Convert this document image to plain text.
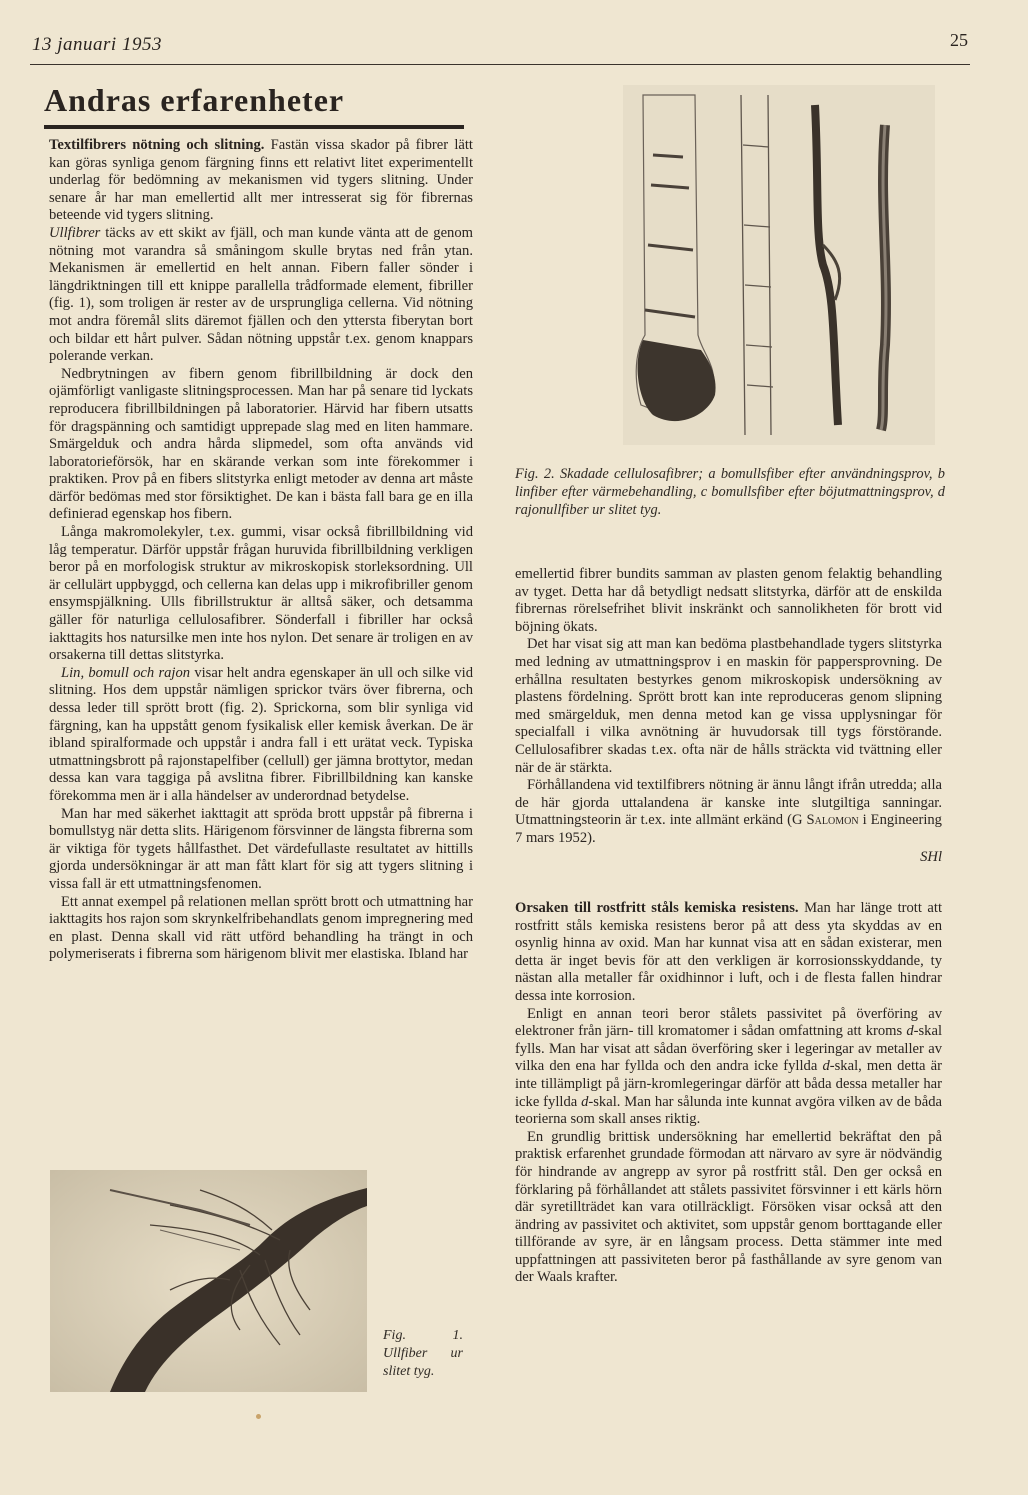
13 januari 1953	25
Andras erfarenheter

Textilfibrers nötning och slitning. Fastän vissa skador på fibrer lätt kan göras synliga genom färgning finns ett relativt litet experimentellt underlag för bedömning av mekanismen vid tygers slitning. Under senare år har man emellertid allt mer intresserat sig för fibrernas beteende vid tygers slitning.

Ullfibrer täcks av ett skikt av fjäll, och man kunde vänta att de genom nötning mot varandra så småningom skulle brytas ned från ytan. Mekanismen är emellertid en helt annan. Fibern faller sönder i längdriktningen till ett knippe parallella trådformade element, fibriller (fig. 1), som troligen är rester av de ursprungliga cellerna. Vid nötning mot andra föremål slits däremot fjällen och den yttersta fiberytan bort och bildar ett hårt pulver. Sådan nötning uppstår t.ex. genom knappars polerande verkan.

Nedbrytningen av fibern genom fibrillbildning är dock den ojämförligt vanligaste slitningsprocessen. Man har på senare tid lyckats reproducera fibrillbildningen på laboratorier. Härvid har fibern utsatts för dragspänning och samtidigt upprepade slag med en liten hammare. Smärgelduk och andra hårda slipmedel, som ofta används vid laboratorieförsök, har en skärande verkan som inte förekommer i praktiken. Prov på en fibers slitstyrka enligt metoder av denna art måste därför bedömas med stor försiktighet. De kan i bästa fall bara ge en illa definierad egenskap hos fibern.

Långa makromolekyler, t.ex. gummi, visar också fibrillbildning vid låg temperatur. Därför uppstår frågan huruvida fibrillbildning verkligen beror på en morfologisk struktur av mikroskopisk storleksordning. Ull är cellulärt uppbyggd, och cellerna kan delas upp i mikrofibriller genom ensymspjälkning. Ulls fibrillstruktur är alltså säker, och detsamma gäller för naturliga cellulosafibrer. Sönderfall i fibriller har också iakttagits hos natursilke men inte hos nylon. Det senare är troligen en av orsakerna till dettas slitstyrka.

Lin, bomull och rajon visar helt andra egenskaper än ull och silke vid slitning. Hos dem uppstår nämligen sprickor tvärs över fibrerna, och dessa leder till sprött brott (fig. 2). Sprickorna, som blir synliga vid färgning, kan ha uppstått genom fysikalisk eller kemisk åverkan. De är ibland spiralformade och uppstår i andra fall i ett urätat veck. Typiska utmattningsbrott på rajonstapelfiber (cellull) ger jämna brottytor, medan dessa kan vara taggiga på avslitna fibrer. Fibrillbildning kan kanske förekomma men är i alla händelser av underordnad betydelse.

Man har med säkerhet iakttagit att spröda brott uppstår på fibrerna i bomullstyg när detta slits. Härigenom försvinner de längsta fibrerna som är viktiga för tygets hållfasthet. Det värdefullaste resultatet av hittills gjorda undersökningar är att man fått klart för sig att tygers slitning i vissa fall är ett utmattningsfenomen.

Ett annat exempel på relationen mellan sprött brott och utmattning har iakttagits hos rajon som skrynkelfribehandlats genom impregnering med en plast. Denna skall vid rätt utförd behandling ha trängt in och polymeriserats i fibrerna som härigenom blivit mer elastiska. Ibland har

Fig. 1. Ullfiber ur slitet tyg.
Fig. 2. Skadade cellulosafibrer; a bomullsfiber efter användningsprov, b linfiber efter värmebehandling, c bomullsfiber efter böjutmattningsprov, d rajonullfiber ur slitet tyg.

emellertid fibrer bundits samman av plasten genom felaktig behandling av tyget. Detta har då betydligt nedsatt slitstyrka, därför att de enskilda fibrernas rörelsefrihet blivit inskränkt och sannolikheten för brott vid böjning ökats.

Det har visat sig att man kan bedöma plastbehandlade tygers slitstyrka med ledning av utmattningsprov i en maskin för pappersprovning. De erhållna resultaten bestyrkes genom mikroskopisk undersökning av plastens fördelning. Sprött brott kan inte reproduceras genom slipning med smärgelduk, men denna metod kan ge vissa upplysningar för specialfall i vilka avnötning är huvudorsak till tygs förstörande. Cellulosafibrer skadas t.ex. ofta när de hålls sträckta vid tvättning eller när de är stärkta.

Förhållandena vid textilfibrers nötning är ännu långt ifrån utredda; alla de här gjorda uttalandena är kanske inte slutgiltiga sanningar. Utmattningsteorin är t.ex. inte allmänt erkänd (G Salomon i Engineering 7 mars 1952).

SHl

Orsaken till rostfritt ståls kemiska resistens. Man har länge trott att rostfritt ståls kemiska resistens beror på att dess yta skyddas av en osynlig hinna av oxid. Man har kunnat visa att en sådan existerar, men detta är inget bevis för att den verkligen är korrosionsskyddande, ty nästan alla metaller får oxidhinnor i luft, och i de flesta fallen hindrar dessa inte korrosion.

Enligt en annan teori beror stålets passivitet på överföring av elektroner från järn- till kromatomer i sådan omfattning att kroms d-skal fylls. Man har visat att sådan överföring sker i legeringar av metaller av vilka den ena har fyllda och den andra icke fyllda d-skal, men detta är inte tillämpligt på järn-kromlegeringar därför att båda dessa metaller har icke fyllda d-skal. Man har sålunda inte kunnat avgöra vilken av de båda teorierna som skall anses riktig.

En grundlig brittisk undersökning har emellertid bekräftat den på praktisk erfarenhet grundade förmodan att närvaro av syre är nödvändig för hindrande av angrepp av syror på rostfritt stål. Den ger också en förklaring på förhållandet att stålets passivitet försvinner i ett kärls hörn där syretillträdet kan vara otillräckligt. Försöken visar också att den ändring av passivitet och aktivitet, som uppstår genom borttagande eller tillförande av syre, är en långsam process. Detta stämmer inte med uppfattningen att passiviteten beror på fasthållande av syre genom van der Waals krafter.
